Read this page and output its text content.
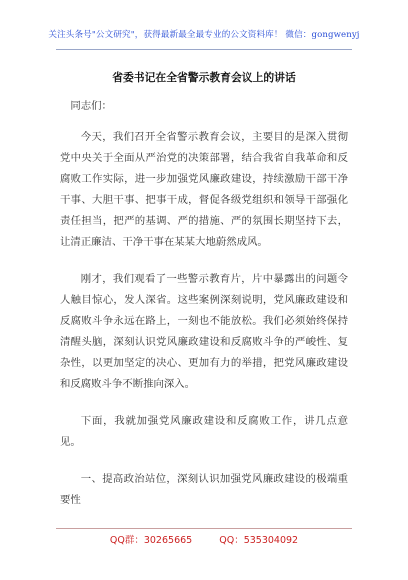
关注头条号"公文研究"，获得最新最全最专业的公文资料库！ 微信：gongwenyj
省委书记在全省警示教育会议上的讲话

同志们：

今天，我们召开全省警示教育会议，主要目的是深入贯彻党中央关于全面从严治党的决策部署，结合我省自我革命和反腐败工作实际，进一步加强党风廉政建设，持续激励干部干净干事、大胆干事、把事干成，督促各级党组织和领导干部强化责任担当，把严的基调、严的措施、严的氛围长期坚持下去，让清正廉洁、干净干事在某某大地蔚然成风。

刚才，我们观看了一些警示教育片，片中暴露出的问题令人触目惊心，发人深省。这些案例深刻说明，党风廉政建设和反腐败斗争永远在路上，一刻也不能放松。我们必须始终保持清醒头脑，深刻认识党风廉政建设和反腐败斗争的严峻性、复杂性，以更加坚定的决心、更加有力的举措，把党风廉政建设和反腐败斗争不断推向深入。

下面，我就加强党风廉政建设和反腐败工作，讲几点意见。

一、提高政治站位，深刻认识加强党风廉政建设的极端重要性

QQ群：30265665	QQ：535304092
